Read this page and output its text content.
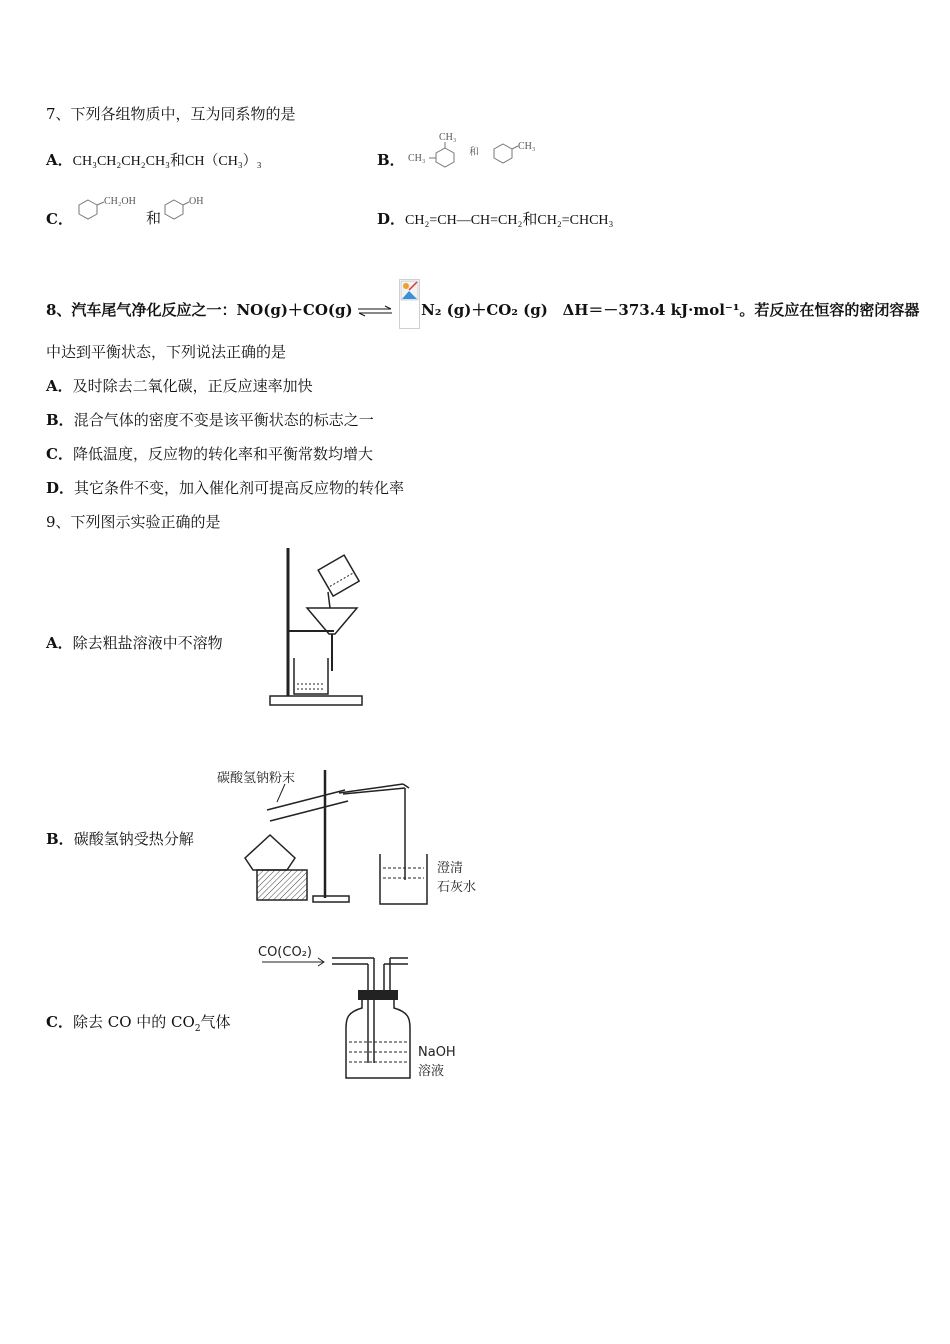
7、下列各组物质中，互为同系物的是
A．CH₃CH₂CH₂CH₃和CH（CH₃）₃	B．
CH₃
CH₃
和
CH₃
C．
CH₂OH
和
OH
D．CH₂=CH—CH=CH₂和CH₂=CHCH₃
8、汽车尾气净化反应之一：NO(g)＋CO(g) ⇌ N₂ (g)＋CO₂ (g) ΔH＝－373.4 kJ·mol⁻¹。若反应在恒容的密闭容器
中达到平衡状态，下列说法正确的是
A．及时除去二氧化碳，正反应速率加快
B．混合气体的密度不变是该平衡状态的标志之一
C．降低温度，反应物的转化率和平衡常数均增大
D．其它条件不变，加入催化剂可提高反应物的转化率
9、下列图示实验正确的是
A．除去粗盐溶液中不溶物
B．碳酸氢钠受热分解
碳酸氢钠粉末
澄清
石灰水
C．除去 CO 中的 $CO_2$气体
CO(CO₂)
NaOH
溶液
